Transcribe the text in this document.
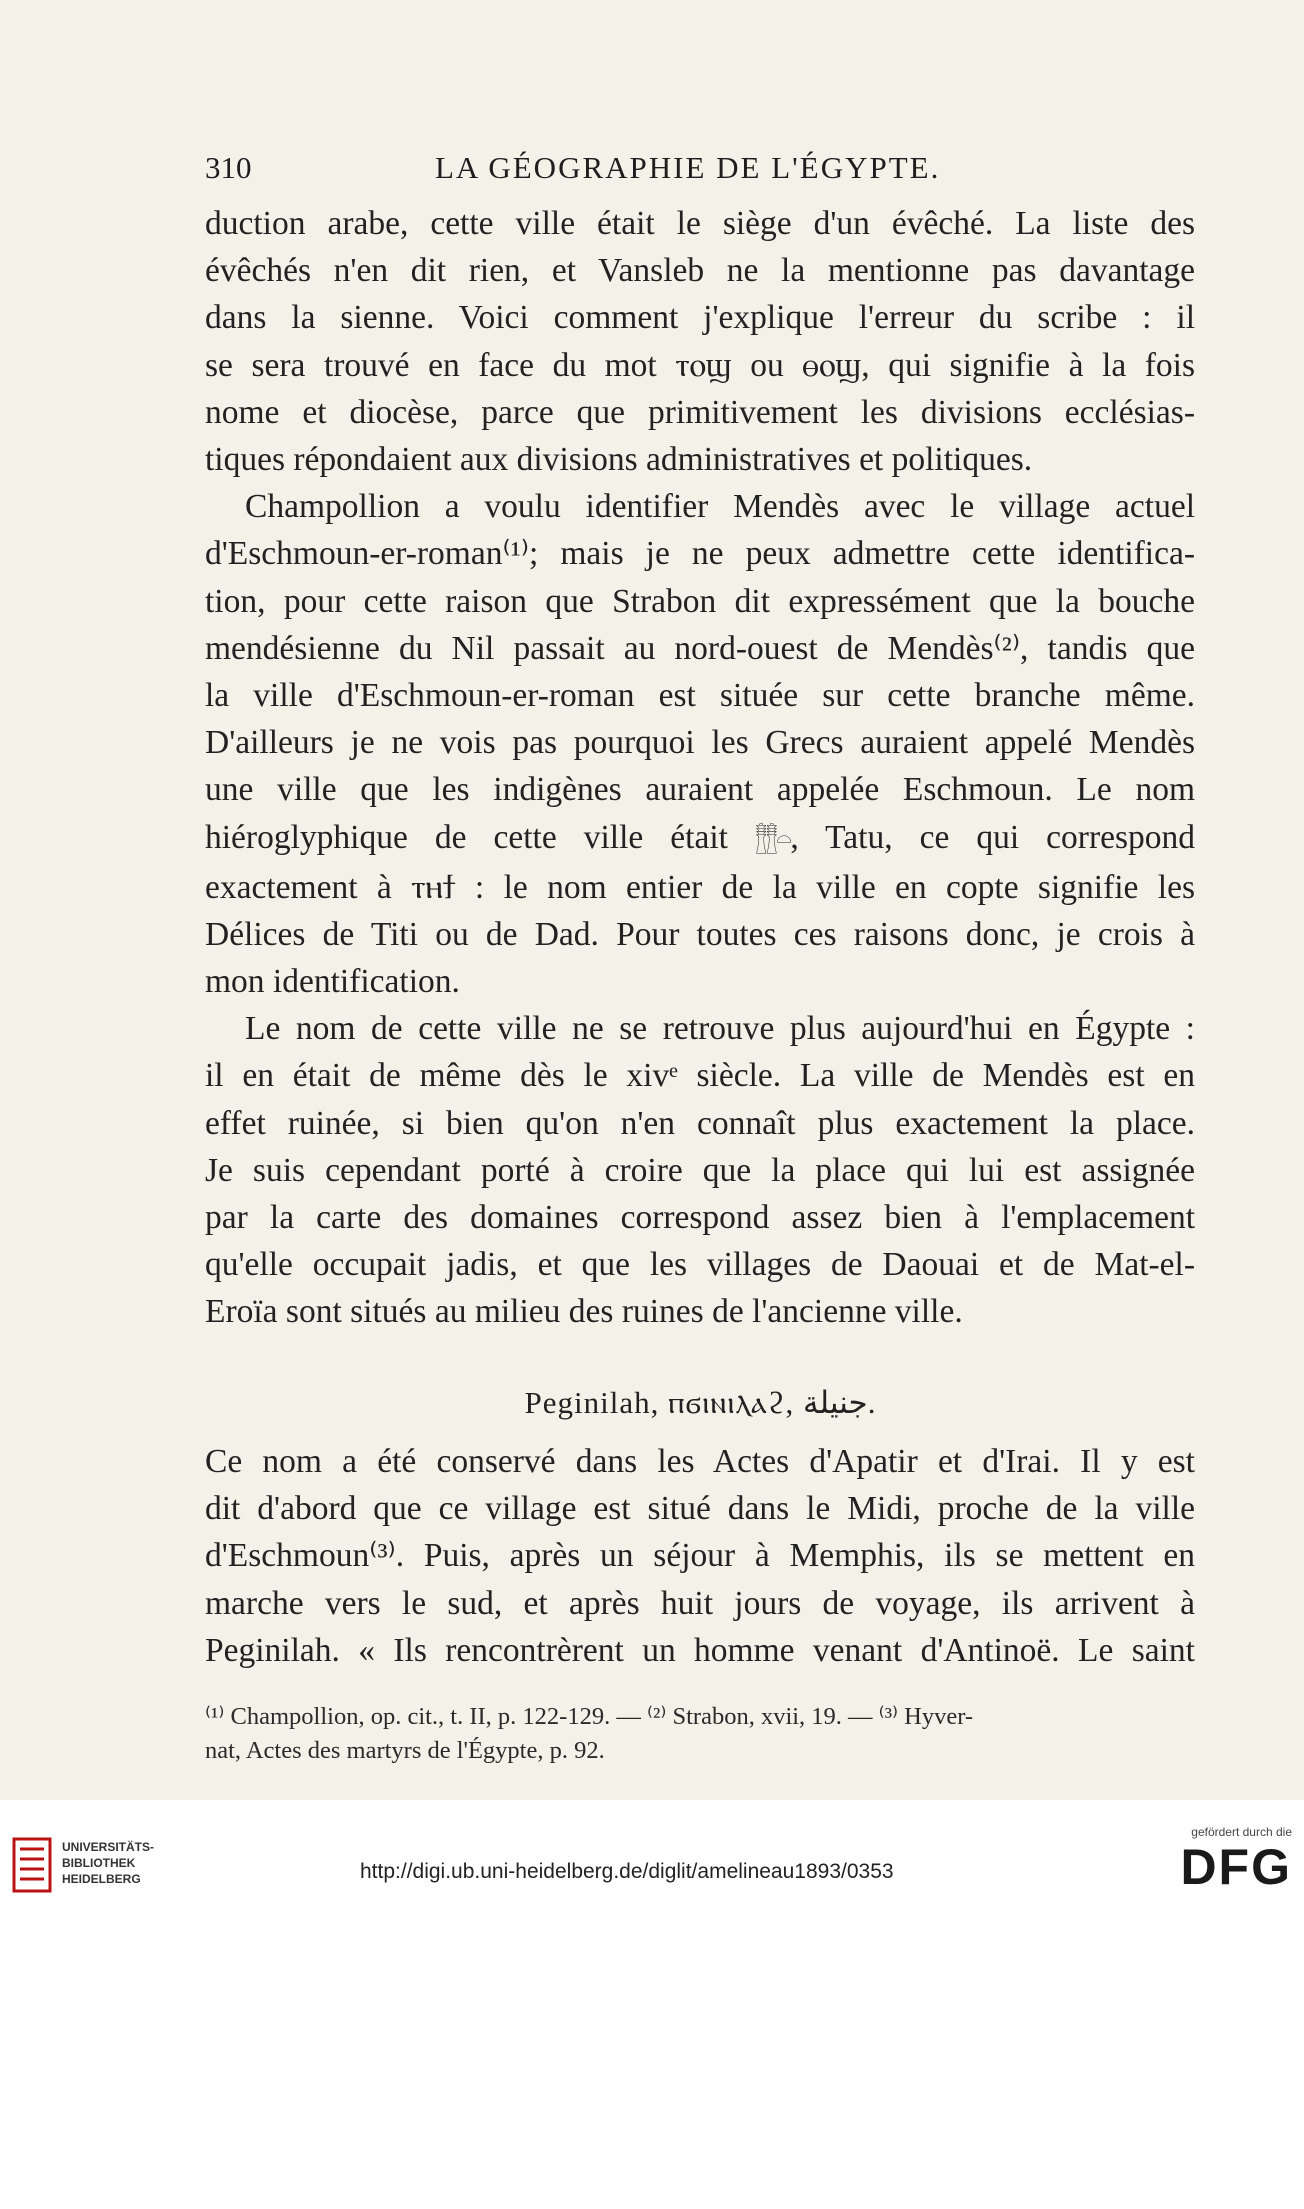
310	LA GÉOGRAPHIE DE L'ÉGYPTE.

duction arabe, cette ville était le siège d'un évêché. La liste des

évêchés n'en dit rien, et Vansleb ne la mentionne pas davantage

dans la sienne. Voici comment j'explique l'erreur du scribe : il

se sera trouvé en face du mot ⲧⲟϣ ou ⲑⲟϣ, qui signifie à la fois

nome et diocèse, parce que primitivement les divisions ecclésias-

tiques répondaient aux divisions administratives et politiques.

Champollion a voulu identifier Mendès avec le village actuel

d'Eschmoun-er-roman⁽¹⁾; mais je ne peux admettre cette identifica-

tion, pour cette raison que Strabon dit expressément que la bouche

mendésienne du Nil passait au nord-ouest de Mendès⁽²⁾, tandis que

la ville d'Eschmoun-er-roman est située sur cette branche même.

D'ailleurs je ne vois pas pourquoi les Grecs auraient appelé Mendès

une ville que les indigènes auraient appelée Eschmoun. Le nom

hiéroglyphique de cette ville était 𓊽𓊽𓏏, Tatu, ce qui correspond

exactement à ⲧⲏϯ : le nom entier de la ville en copte signifie les

Délices de Titi ou de Dad. Pour toutes ces raisons donc, je crois à

mon identification.

Le nom de cette ville ne se retrouve plus aujourd'hui en Égypte :

il en était de même dès le xivᵉ siècle. La ville de Mendès est en

effet ruinée, si bien qu'on n'en connaît plus exactement la place.

Je suis cependant porté à croire que la place qui lui est assignée

par la carte des domaines correspond assez bien à l'emplacement

qu'elle occupait jadis, et que les villages de Daouai et de Mat-el-

Eroïa sont situés au milieu des ruines de l'ancienne ville.

Peginilah, ⲡϭⲓⲛⲓⲗⲁϩ, جنيلة.

Ce nom a été conservé dans les Actes d'Apatir et d'Irai. Il y est

dit d'abord que ce village est situé dans le Midi, proche de la ville

d'Eschmoun⁽³⁾. Puis, après un séjour à Memphis, ils se mettent en

marche vers le sud, et après huit jours de voyage, ils arrivent à

Peginilah. « Ils rencontrèrent un homme venant d'Antinoë. Le saint

⁽¹⁾ Champollion, op. cit., t. II, p. 122-129. — ⁽²⁾ Strabon, xvii, 19. — ⁽³⁾ Hyver-

nat, Actes des martyrs de l'Égypte, p. 92.

UNIVERSITÄTS-
BIBLIOTHEK
HEIDELBERG	http://digi.ub.uni-heidelberg.de/diglit/amelineau1893/0353
gefördert durch die
DFG
